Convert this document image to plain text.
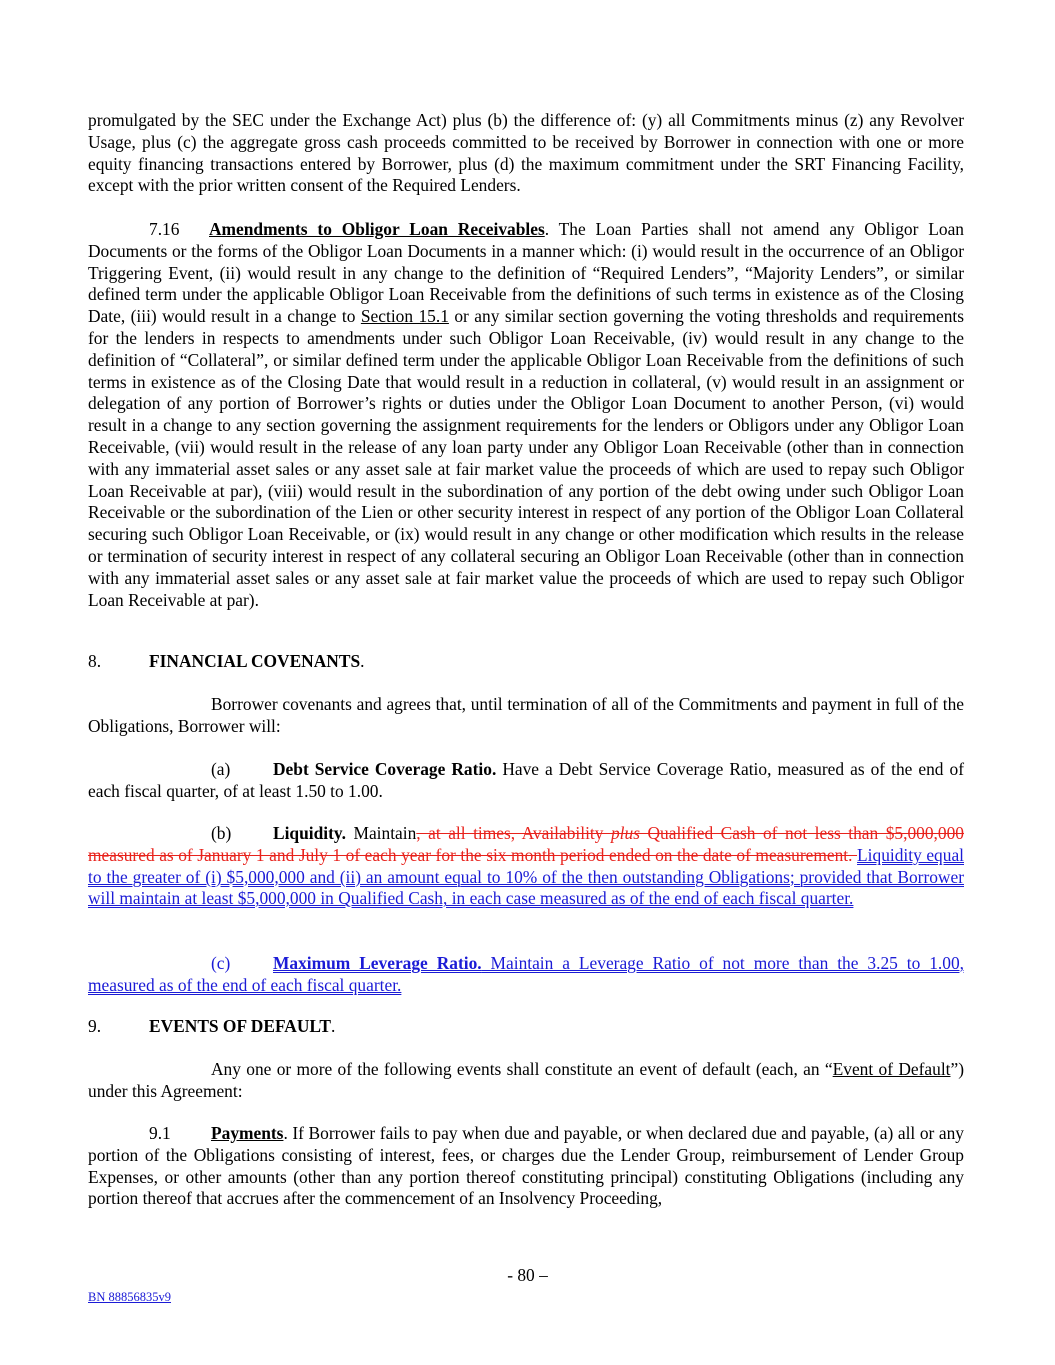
promulgated by the SEC under the Exchange Act) plus (b) the difference of: (y) all Commitments minus (z) any Revolver Usage, plus (c) the aggregate gross cash proceeds committed to be received by Borrower in connection with one or more equity financing transactions entered by Borrower, plus (d) the maximum commitment under the SRT Financing Facility, except with the prior written consent of the Required Lenders.

7.16 Amendments to Obligor Loan Receivables. The Loan Parties shall not amend any Obligor Loan Documents or the forms of the Obligor Loan Documents in a manner which: (i) would result in the occurrence of an Obligor Triggering Event, (ii) would result in any change to the definition of “Required Lenders”, “Majority Lenders”, or similar defined term under the applicable Obligor Loan Receivable from the definitions of such terms in existence as of the Closing Date, (iii) would result in a change to Section 15.1 or any similar section governing the voting thresholds and requirements for the lenders in respects to amendments under such Obligor Loan Receivable, (iv) would result in any change to the definition of “Collateral”, or similar defined term under the applicable Obligor Loan Receivable from the definitions of such terms in existence as of the Closing Date that would result in a reduction in collateral, (v) would result in an assignment or delegation of any portion of Borrower’s rights or duties under the Obligor Loan Document to another Person, (vi) would result in a change to any section governing the assignment requirements for the lenders or Obligors under any Obligor Loan Receivable, (vii) would result in the release of any loan party under any Obligor Loan Receivable (other than in connection with any immaterial asset sales or any asset sale at fair market value the proceeds of which are used to repay such Obligor Loan Receivable at par), (viii) would result in the subordination of any portion of the debt owing under such Obligor Loan Receivable or the subordination of the Lien or other security interest in respect of any portion of the Obligor Loan Collateral securing such Obligor Loan Receivable, or (ix) would result in any change or other modification which results in the release or termination of security interest in respect of any collateral securing an Obligor Loan Receivable (other than in connection with any immaterial asset sales or any asset sale at fair market value the proceeds of which are used to repay such Obligor Loan Receivable at par).

8.	FINANCIAL COVENANTS.

Borrower covenants and agrees that, until termination of all of the Commitments and payment in full of the Obligations, Borrower will:

(a) Debt Service Coverage Ratio. Have a Debt Service Coverage Ratio, measured as of the end of each fiscal quarter, of at least 1.50 to 1.00.

(b) Liquidity. Maintain, at all times, Availability plus Qualified Cash of not less than $5,000,000 measured as of January 1 and July 1 of each year for the six month period ended on the date of measurement. Liquidity equal to the greater of (i) $5,000,000 and (ii) an amount equal to 10% of the then outstanding Obligations; provided that Borrower will maintain at least $5,000,000 in Qualified Cash, in each case measured as of the end of each fiscal quarter.

(c) Maximum Leverage Ratio. Maintain a Leverage Ratio of not more than the 3.25 to 1.00, measured as of the end of each fiscal quarter.

9.	EVENTS OF DEFAULT.

Any one or more of the following events shall constitute an event of default (each, an “Event of Default”) under this Agreement:

9.1 Payments. If Borrower fails to pay when due and payable, or when declared due and payable, (a) all or any portion of the Obligations consisting of interest, fees, or charges due the Lender Group, reimbursement of Lender Group Expenses, or other amounts (other than any portion thereof constituting principal) constituting Obligations (including any portion thereof that accrues after the commencement of an Insolvency Proceeding,

- 80 –
BN 88856835v9
